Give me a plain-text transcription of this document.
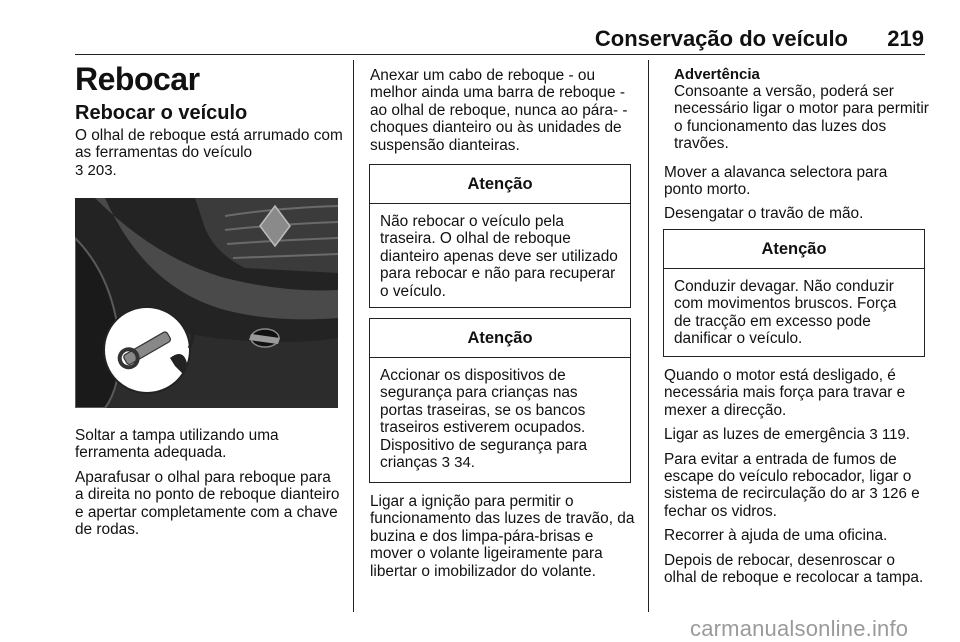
Conservação do veículo	219
Rebocar
Rebocar o veículo

O olhal de reboque está arrumado com as ferramentas do veículo
3 203.

Soltar a tampa utilizando uma ferramenta adequada.

Aparafusar o olhal para reboque para a direita no ponto de reboque dianteiro e apertar completamente com a chave de rodas.

Anexar um cabo de reboque - ou melhor ainda uma barra de reboque - ao olhal de reboque, nunca ao pára- -choques dianteiro ou às unidades de suspensão dianteiras.

Atenção
Não rebocar o veículo pela traseira. O olhal de reboque dianteiro apenas deve ser utilizado para rebocar e não para recuperar o veículo.
Atenção
Accionar os dispositivos de segurança para crianças nas portas traseiras, se os bancos traseiros estiverem ocupados. Dispositivo de segurança para crianças 3 34.

Ligar a ignição para permitir o funcionamento das luzes de travão, da buzina e dos limpa-pára-brisas e mover o volante ligeiramente para libertar o imobilizador do volante.

Advertência
Consoante a versão, poderá ser necessário ligar o motor para permitir o funcionamento das luzes dos travões.

Mover a alavanca selectora para ponto morto.

Desengatar o travão de mão.

Atenção
Conduzir devagar. Não conduzir com movimentos bruscos. Força de tracção em excesso pode danificar o veículo.

Quando o motor está desligado, é necessária mais força para travar e mexer a direcção.

Ligar as luzes de emergência 3 119.

Para evitar a entrada de fumos de escape do veículo rebocador, ligar o sistema de recirculação do ar 3 126 e fechar os vidros.

Recorrer à ajuda de uma oficina.

Depois de rebocar, desenroscar o olhal de reboque e recolocar a tampa.

carmanualsonline.info
